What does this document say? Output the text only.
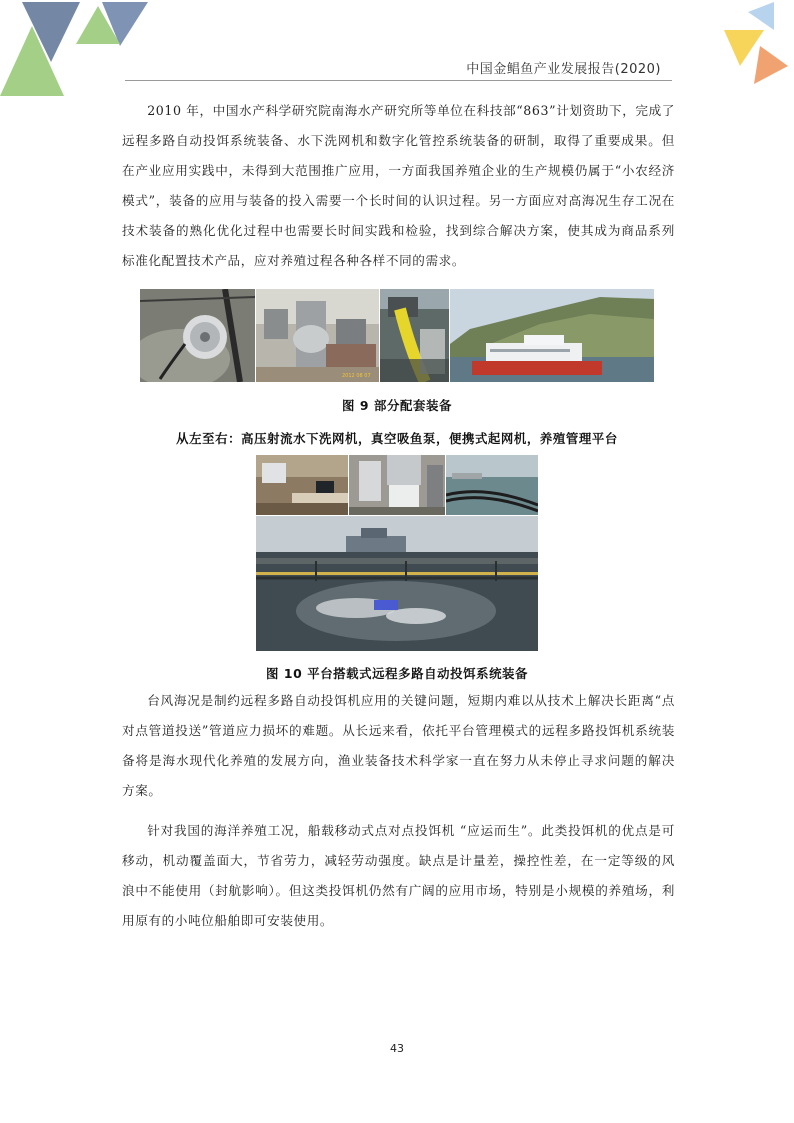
中国金鲳鱼产业发展报告(2020)

2010 年，中国水产科学研究院南海水产研究所等单位在科技部“863”计划资助下，完成了远程多路自动投饵系统装备、水下洗网机和数字化管控系统装备的研制，取得了重要成果。但在产业应用实践中，未得到大范围推广应用，一方面我国养殖企业的生产规模仍属于“小农经济模式”，装备的应用与装备的投入需要一个长时间的认识过程。另一方面应对高海况生存工况在技术装备的熟化优化过程中也需要长时间实践和检验，找到综合解决方案，使其成为商品系列标准化配置技术产品，应对养殖过程各种各样不同的需求。

2012 08 07
图 9 部分配套装备
从左至右：高压射流水下洗网机，真空吸鱼泵，便携式起网机，养殖管理平台
图 10 平台搭载式远程多路自动投饵系统装备

台风海况是制约远程多路自动投饵机应用的关键问题，短期内难以从技术上解决长距离“点对点管道投送”管道应力损坏的难题。从长远来看，依托平台管理模式的远程多路投饵机系统装备将是海水现代化养殖的发展方向，渔业装备技术科学家一直在努力从未停止寻求问题的解决方案。

针对我国的海洋养殖工况，船载移动式点对点投饵机 “应运而生”。此类投饵机的优点是可移动，机动覆盖面大，节省劳力，减轻劳动强度。缺点是计量差，操控性差，在一定等级的风浪中不能使用（封航影响）。但这类投饵机仍然有广阔的应用市场，特别是小规模的养殖场，利用原有的小吨位船舶即可安装使用。

43
